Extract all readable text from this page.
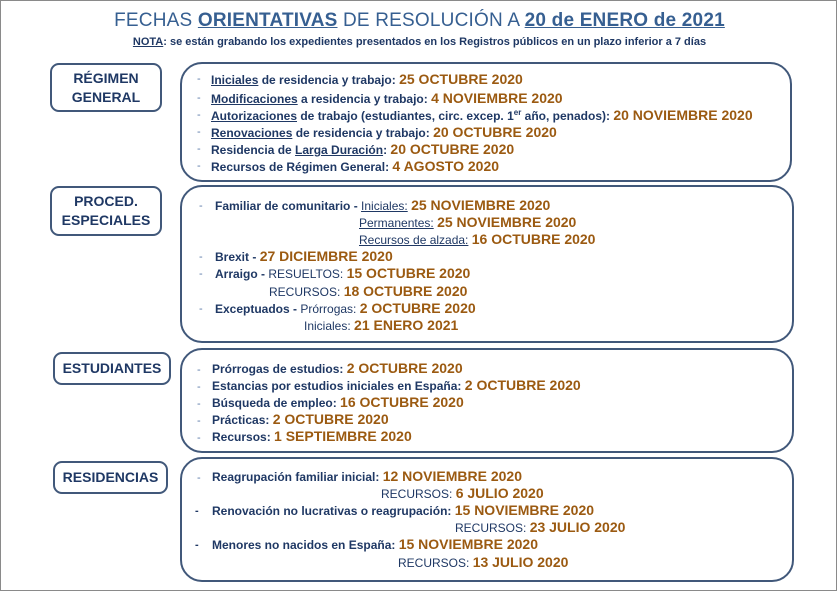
FECHAS ORIENTATIVAS DE RESOLUCIÓN A 20 de ENERO de 2021
NOTA: se están grabando los expedientes presentados en los Registros públicos en un plazo inferior a 7 días
RÉGIMEN
GENERAL
- Iniciales de residencia y trabajo: 25 OCTUBRE 2020
- Modificaciones a residencia y trabajo: 4 NOVIEMBRE 2020
- Autorizaciones de trabajo (estudiantes, circ. excep. 1er año, penados): 20 NOVIEMBRE 2020
- Renovaciones de residencia y trabajo: 20 OCTUBRE 2020
- Residencia de Larga Duración: 20 OCTUBRE 2020
- Recursos de Régimen General: 4 AGOSTO 2020
PROCED.
ESPECIALES
- Familiar de comunitario - Iniciales: 25 NOVIEMBRE 2020
Permanentes: 25 NOVIEMBRE 2020
Recursos de alzada: 16 OCTUBRE 2020
- Brexit - 27 DICIEMBRE 2020
- Arraigo - RESUELTOS: 15 OCTUBRE 2020
RECURSOS: 18 OCTUBRE 2020
- Exceptuados - Prórrogas: 2 OCTUBRE 2020
Iniciales: 21 ENERO 2021
ESTUDIANTES	- Prórrogas de estudios: 2 OCTUBRE 2020
- Estancias por estudios iniciales en España: 2 OCTUBRE 2020
- Búsqueda de empleo: 16 OCTUBRE 2020
- Prácticas: 2 OCTUBRE 2020
- Recursos: 1 SEPTIEMBRE 2020
RESIDENCIAS	- Reagrupación familiar inicial: 12 NOVIEMBRE 2020
RECURSOS: 6 JULIO 2020
- Renovación no lucrativas o reagrupación: 15 NOVIEMBRE 2020
RECURSOS: 23 JULIO 2020
- Menores no nacidos en España: 15 NOVIEMBRE 2020
RECURSOS: 13 JULIO 2020
